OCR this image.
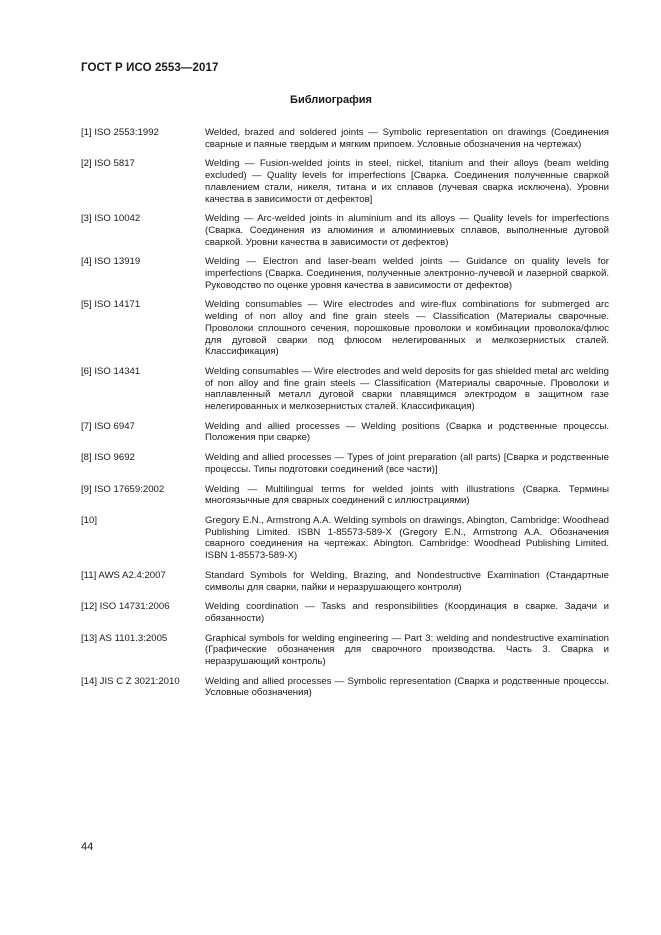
ГОСТ Р ИСО 2553—2017
Библиография
[1] ISO 2553:1992	Welded, brazed and soldered joints — Symbolic representation on drawings (Соединения сварные и паяные твердым и мягким припоем. Условные обозначения на чертежах)
[2] ISO 5817	Welding — Fusion-welded joints in steel, nickel, titanium and their alloys (beam welding excluded) — Quality levels for imperfections [Сварка. Соединения полученные сваркой плавлением стали, никеля, титана и их сплавов (лучевая сварка исключена). Уровни качества в зависимости от дефектов]
[3] ISO 10042	Welding — Arc-welded joints in aluminium and its alloys — Quality levels for imperfections (Сварка. Соединения из алюминия и алюминиевых сплавов, выполненные дуговой сваркой. Уровни качества в зависимости от дефектов)
[4] ISO 13919	Welding — Electron and laser-beam welded joints — Guidance on quality levels for imperfections (Сварка. Соединения, полученные электронно-лучевой и лазерной сваркой. Руководство по оценке уровня качества в зависимости от дефектов)
[5] ISO 14171	Welding consumables — Wire electrodes and wire-flux combinations for submerged arc welding of non alloy and fine grain steels — Classification (Материалы сварочные. Проволоки сплошного сечения, порошковые проволоки и комбинации проволока/флюс для дуговой сварки под флюсом нелегированных и мелкозернистых сталей. Классификация)
[6] ISO 14341	Welding consumables — Wire electrodes and weld deposits for gas shielded metal arc welding of non alloy and fine grain steels — Classification (Материалы сварочные. Проволоки и наплавленный металл дуговой сварки плавящимся электродом в защитном газе нелегированных и мелкозернистых сталей. Классификация)
[7] ISO 6947	Welding and allied processes — Welding positions (Сварка и родственные процессы. Положения при сварке)
[8] ISO 9692	Welding and allied processes — Types of joint preparation (all parts) [Сварка и родственные процессы. Типы подготовки соединений (все части)]
[9] ISO 17659:2002	Welding — Multilingual terms for welded joints with illustrations (Сварка. Термины многоязычные для сварных соединений с иллюстрациями)
[10]	Gregory E.N., Armstrong A.A. Welding symbols on drawings, Abington, Cambridge: Woodhead Publishing Limited. ISBN 1-85573-589-X (Gregory E.N., Armstrong A.A. Обозначения сварного соединения на чертежах. Abington. Cambridge: Woodhead Publishing Limited. ISBN 1-85573-589-X)
[11] AWS A2.4:2007	Standard Symbols for Welding, Brazing, and Nondestructive Examination (Стандартные символы для сварки, пайки и неразрушающего контроля)
[12] ISO 14731:2006	Welding coordination — Tasks and responsibilities (Координация в сварке. Задачи и обязанности)
[13] AS 1101.3:2005	Graphical symbols for welding engineering — Part 3: welding and nondestructive examination (Графические обозначения для сварочного производства. Часть 3. Сварка и неразрушающий контроль)
[14] JIS C Z 3021:2010	Welding and allied processes — Symbolic representation (Сварка и родственные процессы. Условные обозначения)
44
